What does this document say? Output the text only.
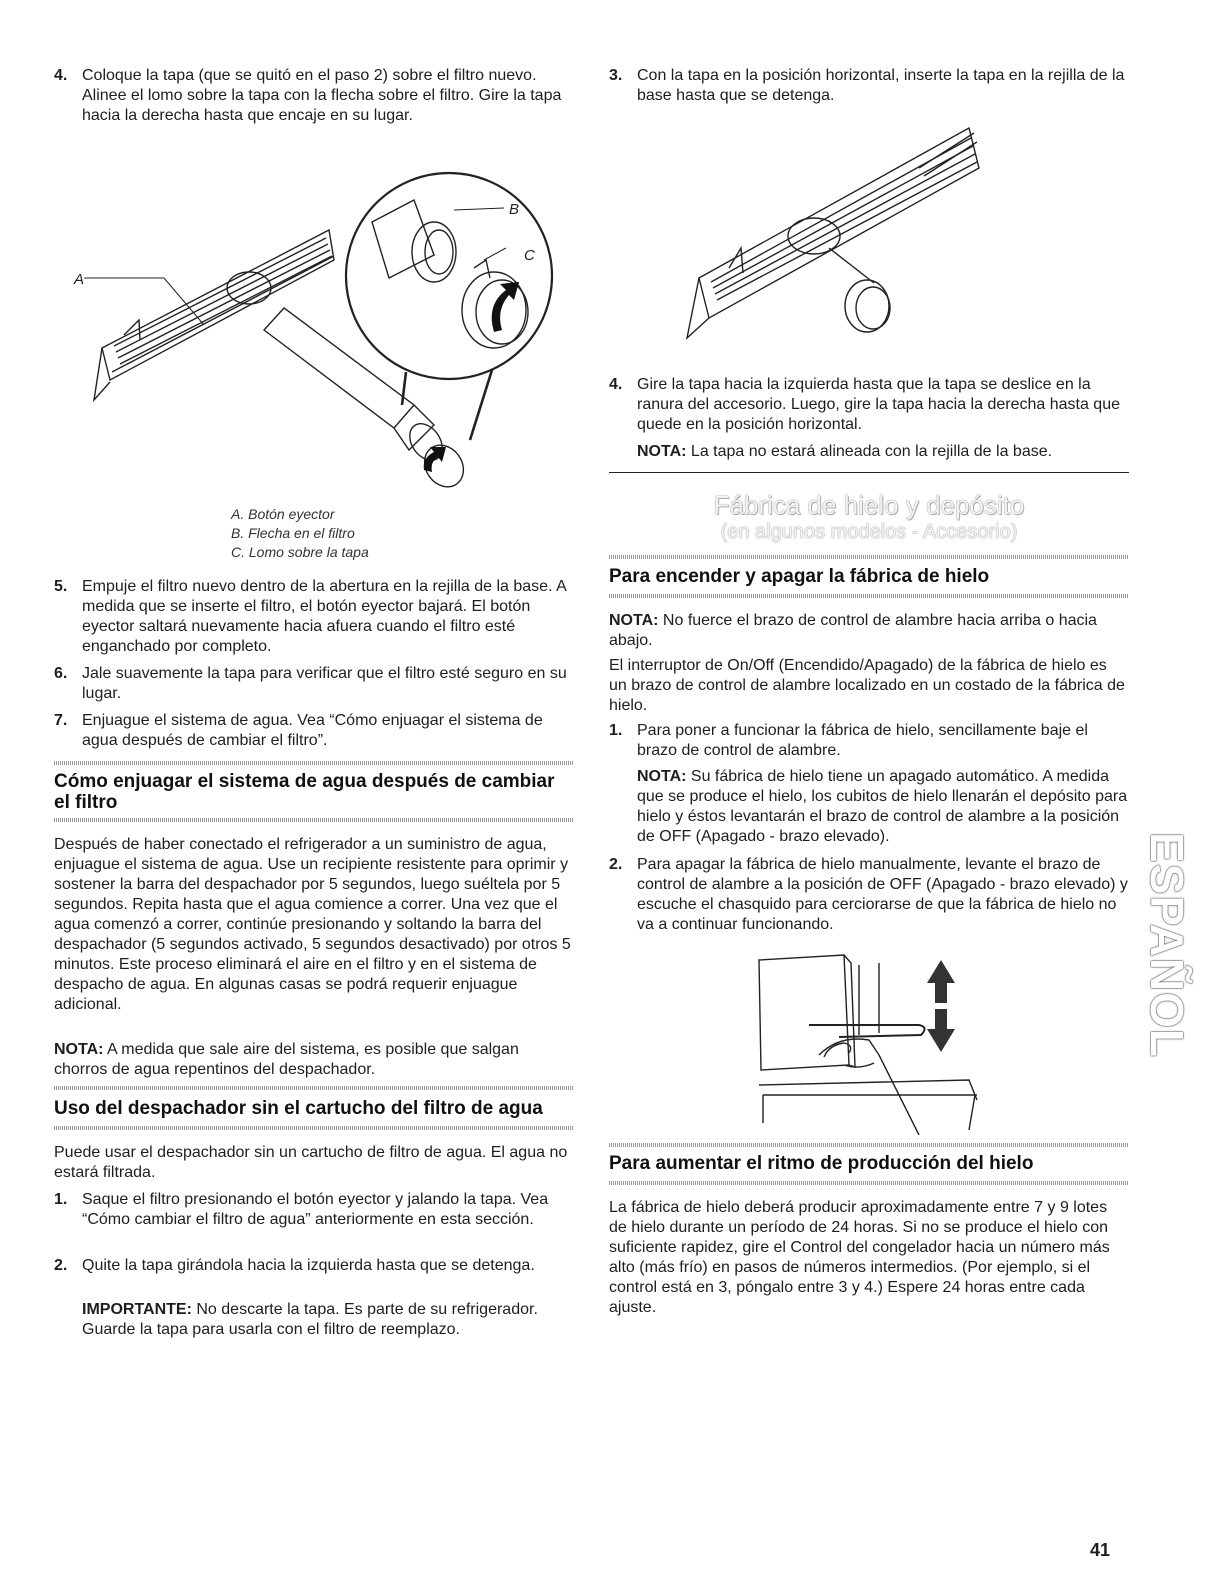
4. Coloque la tapa (que se quitó en el paso 2) sobre el filtro nuevo. Alinee el lomo sobre la tapa con la flecha sobre el filtro. Gire la tapa hacia la derecha hasta que encaje en su lugar.

A
B
C
A. Botón eyector
B. Flecha en el filtro
C. Lomo sobre la tapa
5. Empuje el filtro nuevo dentro de la abertura en la rejilla de la base. A medida que se inserte el filtro, el botón eyector bajará. El botón eyector saltará nuevamente hacia afuera cuando el filtro esté enganchado por completo.

6. Jale suavemente la tapa para verificar que el filtro esté seguro en su lugar.

7. Enjuague el sistema de agua. Vea “Cómo enjuagar el sistema de agua después de cambiar el filtro”.

Cómo enjuagar el sistema de agua después de cambiar el filtro

Después de haber conectado el refrigerador a un suministro de agua, enjuague el sistema de agua. Use un recipiente resistente para oprimir y sostener la barra del despachador por 5 segundos, luego suéltela por 5 segundos. Repita hasta que el agua comience a correr. Una vez que el agua comenzó a correr, continúe presionando y soltando la barra del despachador (5 segundos activado, 5 segundos desactivado) por otros 5 minutos. Este proceso eliminará el aire en el filtro y en el sistema de despacho de agua. En algunas casas se podrá requerir enjuague adicional.

NOTA: A medida que sale aire del sistema, es posible que salgan chorros de agua repentinos del despachador.

Uso del despachador sin el cartucho del filtro de agua

Puede usar el despachador sin un cartucho de filtro de agua. El agua no estará filtrada.

1. Saque el filtro presionando el botón eyector y jalando la tapa. Vea “Cómo cambiar el filtro de agua” anteriormente en esta sección.

2. Quite la tapa girándola hacia la izquierda hasta que se detenga.

IMPORTANTE: No descarte la tapa. Es parte de su refrigerador. Guarde la tapa para usarla con el filtro de reemplazo.

3. Con la tapa en la posición horizontal, inserte la tapa en la rejilla de la base hasta que se detenga.

4. Gire la tapa hacia la izquierda hasta que la tapa se deslice en la ranura del accesorio. Luego, gire la tapa hacia la derecha hasta que quede en la posición horizontal.

NOTA: La tapa no estará alineada con la rejilla de la base.

Fábrica de hielo y depósito
(en algunos modelos - Accesorio)
Para encender y apagar la fábrica de hielo

NOTA: No fuerce el brazo de control de alambre hacia arriba o hacia abajo.

El interruptor de On/Off (Encendido/Apagado) de la fábrica de hielo es un brazo de control de alambre localizado en un costado de la fábrica de hielo.

1. Para poner a funcionar la fábrica de hielo, sencillamente baje el brazo de control de alambre.

NOTA: Su fábrica de hielo tiene un apagado automático. A medida que se produce el hielo, los cubitos de hielo llenarán el depósito para hielo y éstos levantarán el brazo de control de alambre a la posición de OFF (Apagado - brazo elevado).

2. Para apagar la fábrica de hielo manualmente, levante el brazo de control de alambre a la posición de OFF (Apagado - brazo elevado) y escuche el chasquido para cerciorarse de que la fábrica de hielo no va a continuar funcionando.

Para aumentar el ritmo de producción del hielo

La fábrica de hielo deberá producir aproximadamente entre 7 y 9 lotes de hielo durante un período de 24 horas. Si no se produce el hielo con suficiente rapidez, gire el Control del congelador hacia un número más alto (más frío) en pasos de números intermedios. (Por ejemplo, si el control está en 3, póngalo entre 3 y 4.) Espere 24 horas entre cada ajuste.

ESPAÑOL
41
